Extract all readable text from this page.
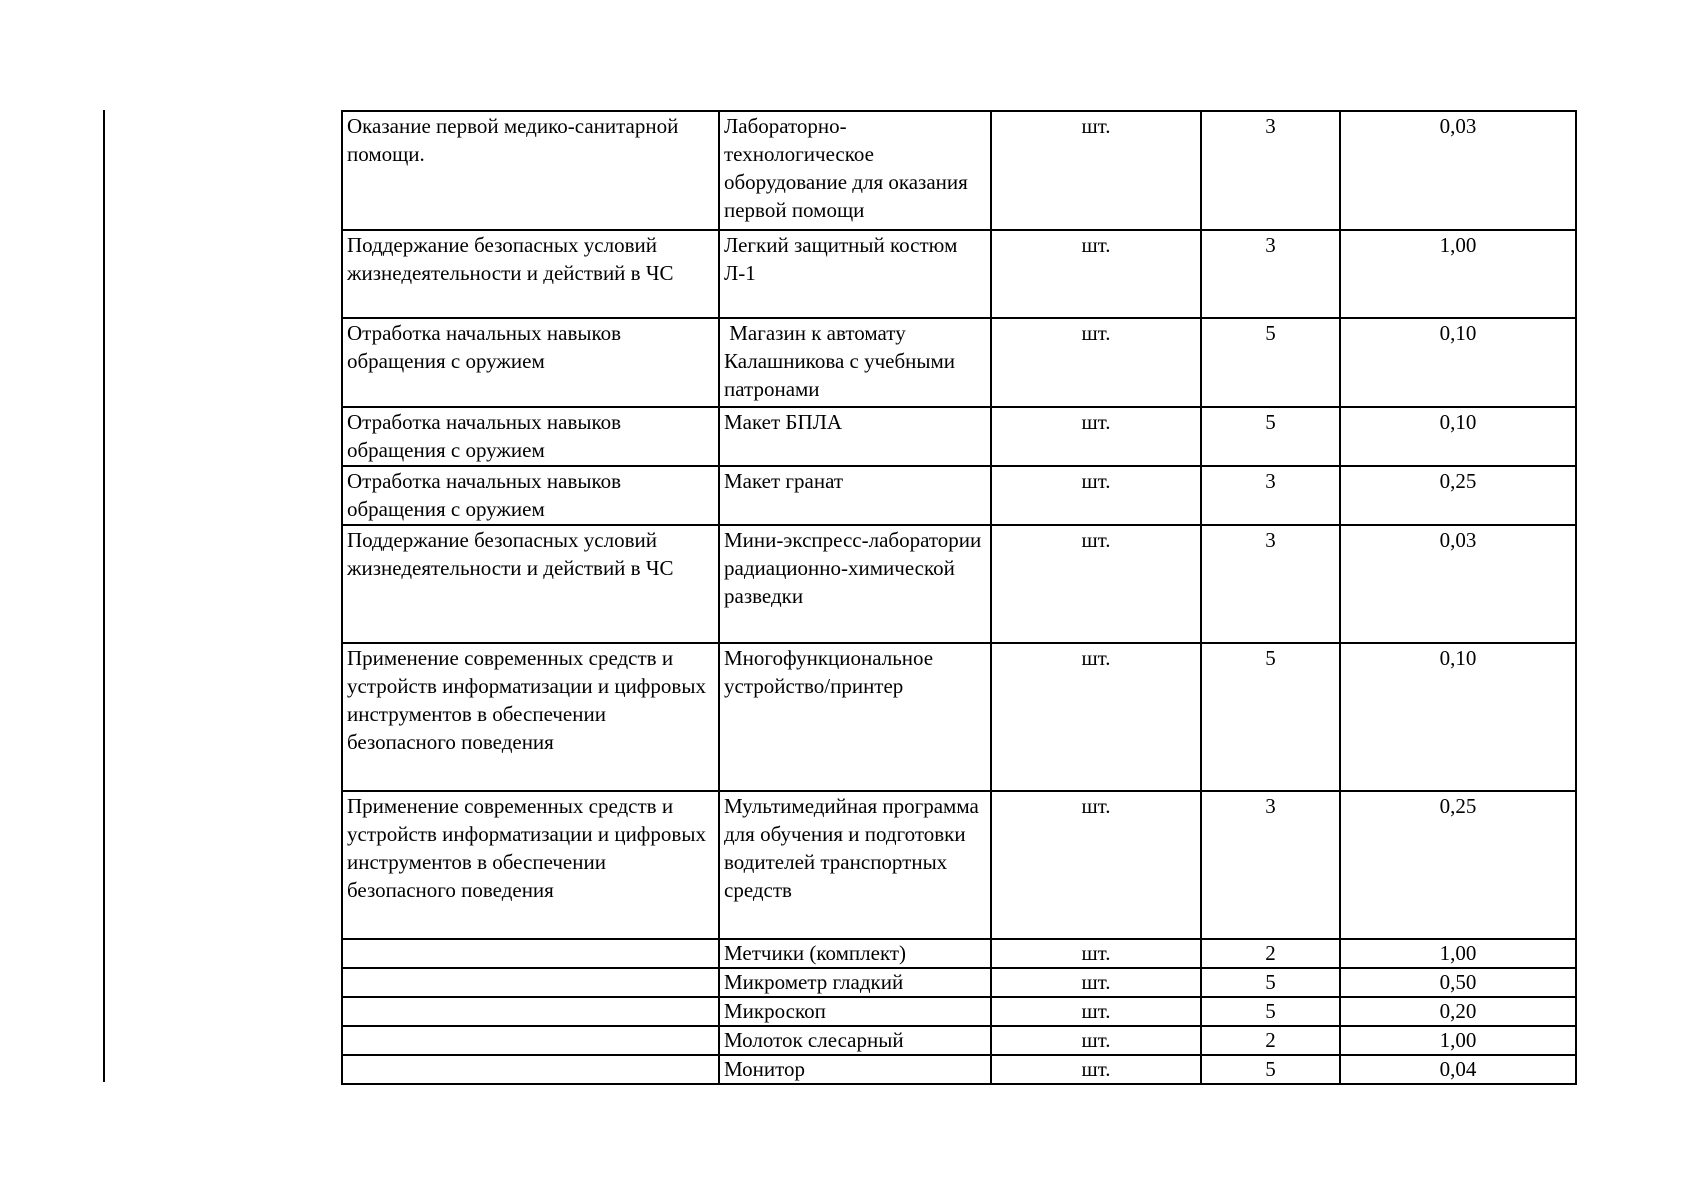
Оказание первой медико-санитарной помощи.	Лабораторно-технологическое оборудование для оказания первой помощи	шт.	3	0,03
Поддержание безопасных условий жизнедеятельности и действий в ЧС	Легкий защитный костюм Л-1	шт.	3	1,00
Отработка начальных навыков обращения с оружием	Магазин к автомату Калашникова с учебными патронами	шт.	5	0,10
Отработка начальных навыков обращения с оружием	Макет БПЛА	шт.	5	0,10
Отработка начальных навыков обращения с оружием	Макет гранат	шт.	3	0,25
Поддержание безопасных условий жизнедеятельности и действий в ЧС	Мини-экспресс-лаборатории радиационно-химической разведки	шт.	3	0,03
Применение современных средств и устройств информатизации и цифровых инструментов в обеспечении безопасного поведения	Многофункциональное устройство/принтер	шт.	5	0,10
Применение современных средств и устройств информатизации и цифровых инструментов в обеспечении безопасного поведения	Мультимедийная программа для обучения и подготовки водителей транспортных средств	шт.	3	0,25
	Метчики (комплект)	шт.	2	1,00
	Микрометр гладкий	шт.	5	0,50
	Микроскоп	шт.	5	0,20
	Молоток слесарный	шт.	2	1,00
	Монитор	шт.	5	0,04
